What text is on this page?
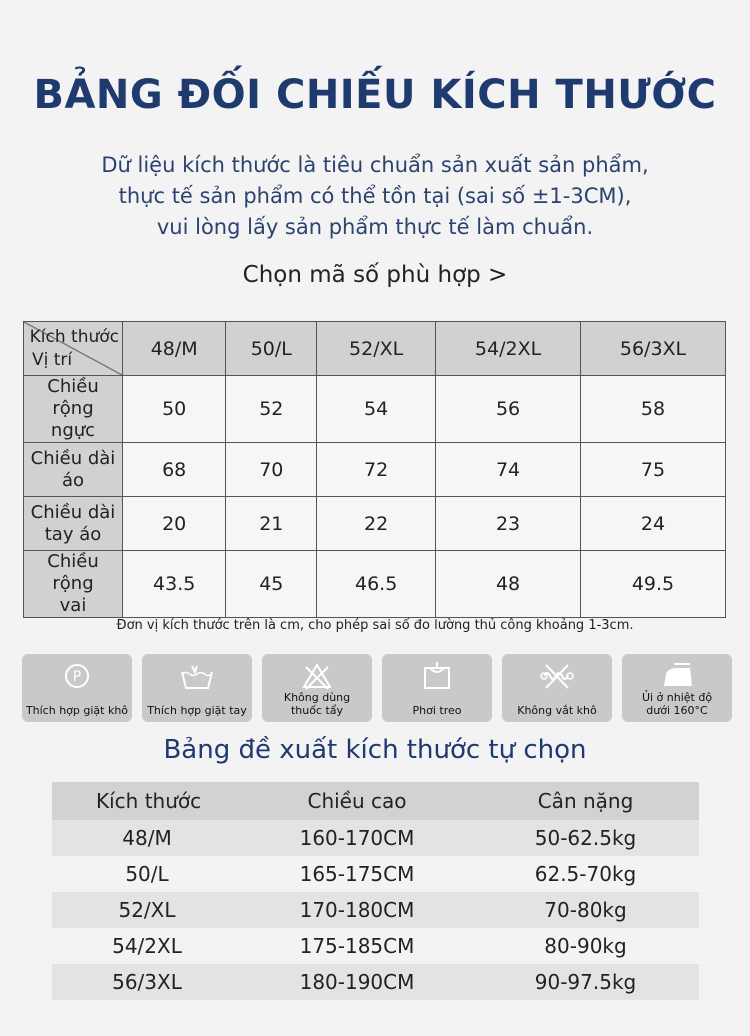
BẢNG ĐỐI CHIẾU KÍCH THƯỚC
Dữ liệu kích thước là tiêu chuẩn sản xuất sản phẩm,
thực tế sản phẩm có thể tồn tại (sai số ±1-3CM),
vui lòng lấy sản phẩm thực tế làm chuẩn.
Chọn mã số phù hợp >
Kích thước
Vị trí	48/M	50/L	52/XL	54/2XL	56/3XL
Chiều rộng
ngực	50	52	54	56	58
Chiều dài
áo	68	70	72	74	75
Chiều dài
tay áo	20	21	22	23	24
Chiều rộng
vai	43.5	45	46.5	48	49.5
Đơn vị kích thước trên là cm, cho phép sai số đo lường thủ công khoảng 1-3cm.
P
Thích hợp giặt khô	Thích hợp giặt tay
Không dùng thuốc tẩy	Phơi treo	Không vắt khô
Ủi ở nhiệt độ dưới 160°C
Bảng đề xuất kích thước tự chọn
Kích thước	Chiều cao	Cân nặng
48/M	160-170CM	50-62.5kg
50/L	165-175CM	62.5-70kg
52/XL	170-180CM	70-80kg
54/2XL	175-185CM	80-90kg
56/3XL	180-190CM	90-97.5kg
